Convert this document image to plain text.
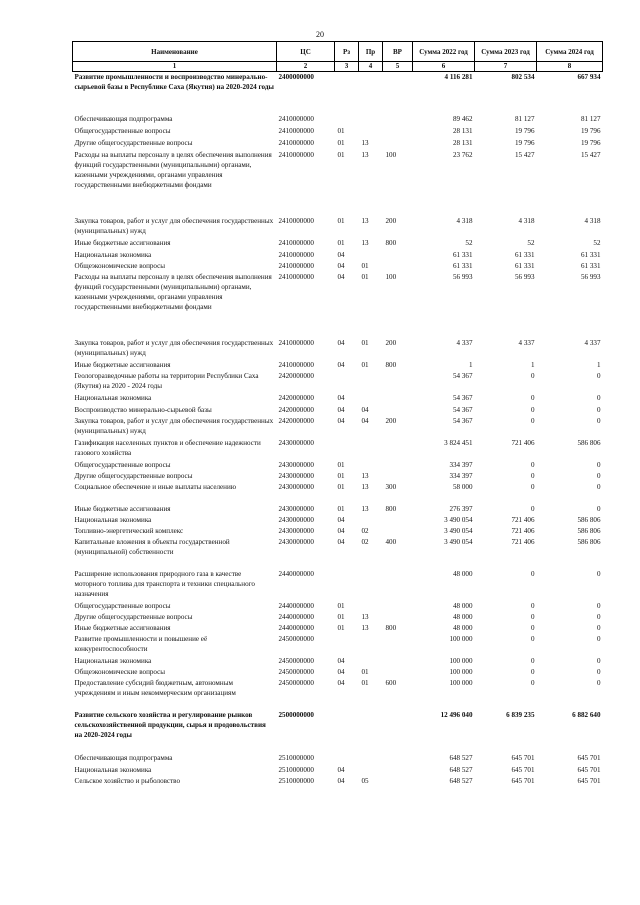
20
Наименование	ЦС	Рз	Пр	ВР	Сумма 2022 год	Сумма 2023 год	Сумма 2024 год
1	2	3	4	5	6	7	8
Развитие промышленности и воспроизводство минерально-сырьевой базы в Республике Саха (Якутия) на 2020-2024 годы	2400000000				4 116 281	802 534	667 934
Обеспечивающая подпрограмма	2410000000				89 462	81 127	81 127
Общегосударственные вопросы	2410000000	01			28 131	19 796	19 796
Другие общегосударственные вопросы	2410000000	01	13		28 131	19 796	19 796
Расходы на выплаты персоналу в целях обеспечения выполнения функций государственными (муниципальными) органами, казенными учреждениями, органами управления государственными внебюджетными фондами	2410000000	01	13	100	23 762	15 427	15 427
Закупка товаров, работ и услуг для обеспечения государственных (муниципальных) нужд	2410000000	01	13	200	4 318	4 318	4 318
Иные бюджетные ассигнования	2410000000	01	13	800	52	52	52
Национальная экономика	2410000000	04			61 331	61 331	61 331
Общеэкономические вопросы	2410000000	04	01		61 331	61 331	61 331
Расходы на выплаты персоналу в целях обеспечения выполнения функций государственными (муниципальными) органами, казенными учреждениями, органами управления государственными внебюджетными фондами	2410000000	04	01	100	56 993	56 993	56 993
Закупка товаров, работ и услуг для обеспечения государственных (муниципальных) нужд	2410000000	04	01	200	4 337	4 337	4 337
Иные бюджетные ассигнования	2410000000	04	01	800	1	1	1
Геологоразведочные работы на территории Республики Саха (Якутия) на 2020 - 2024 годы	2420000000				54 367	0	0
Национальная экономика	2420000000	04			54 367	0	0
Воспроизводство минерально-сырьевой базы	2420000000	04	04		54 367	0	0
Закупка товаров, работ и услуг для обеспечения государственных (муниципальных) нужд	2420000000	04	04	200	54 367	0	0
Газификация населенных пунктов и обеспечение надежности газового хозяйства	2430000000				3 824 451	721 406	586 806
Общегосударственные вопросы	2430000000	01			334 397	0	0
Другие общегосударственные вопросы	2430000000	01	13		334 397	0	0
Социальное обеспечение и иные выплаты населению	2430000000	01	13	300	58 000	0	0
Иные бюджетные ассигнования	2430000000	01	13	800	276 397	0	0
Национальная экономика	2430000000	04			3 490 054	721 406	586 806
Топливно-энергетический комплекс	2430000000	04	02		3 490 054	721 406	586 806
Капитальные вложения в объекты государственной (муниципальной) собственности	2430000000	04	02	400	3 490 054	721 406	586 806
Расширение использования природного газа в качестве моторного топлива для транспорта и техники специального назначения	2440000000				48 000	0	0
Общегосударственные вопросы	2440000000	01			48 000	0	0
Другие общегосударственные вопросы	2440000000	01	13		48 000	0	0
Иные бюджетные ассигнования	2440000000	01	13	800	48 000	0	0
Развитие промышленности и повышение её конкурентоспособности	2450000000				100 000	0	0
Национальная экономика	2450000000	04			100 000	0	0
Общеэкономические вопросы	2450000000	04	01		100 000	0	0
Предоставление субсидий бюджетным, автономным учреждениям и иным некоммерческим организациям	2450000000	04	01	600	100 000	0	0
Развитие сельского хозяйства и регулирование рынков сельскохозяйственной продукции, сырья и продовольствия на 2020-2024 годы	2500000000				12 496 040	6 839 235	6 882 640
Обеспечивающая подпрограмма	2510000000				648 527	645 701	645 701
Национальная экономика	2510000000	04			648 527	645 701	645 701
Сельское хозяйство и рыболовство	2510000000	04	05		648 527	645 701	645 701
